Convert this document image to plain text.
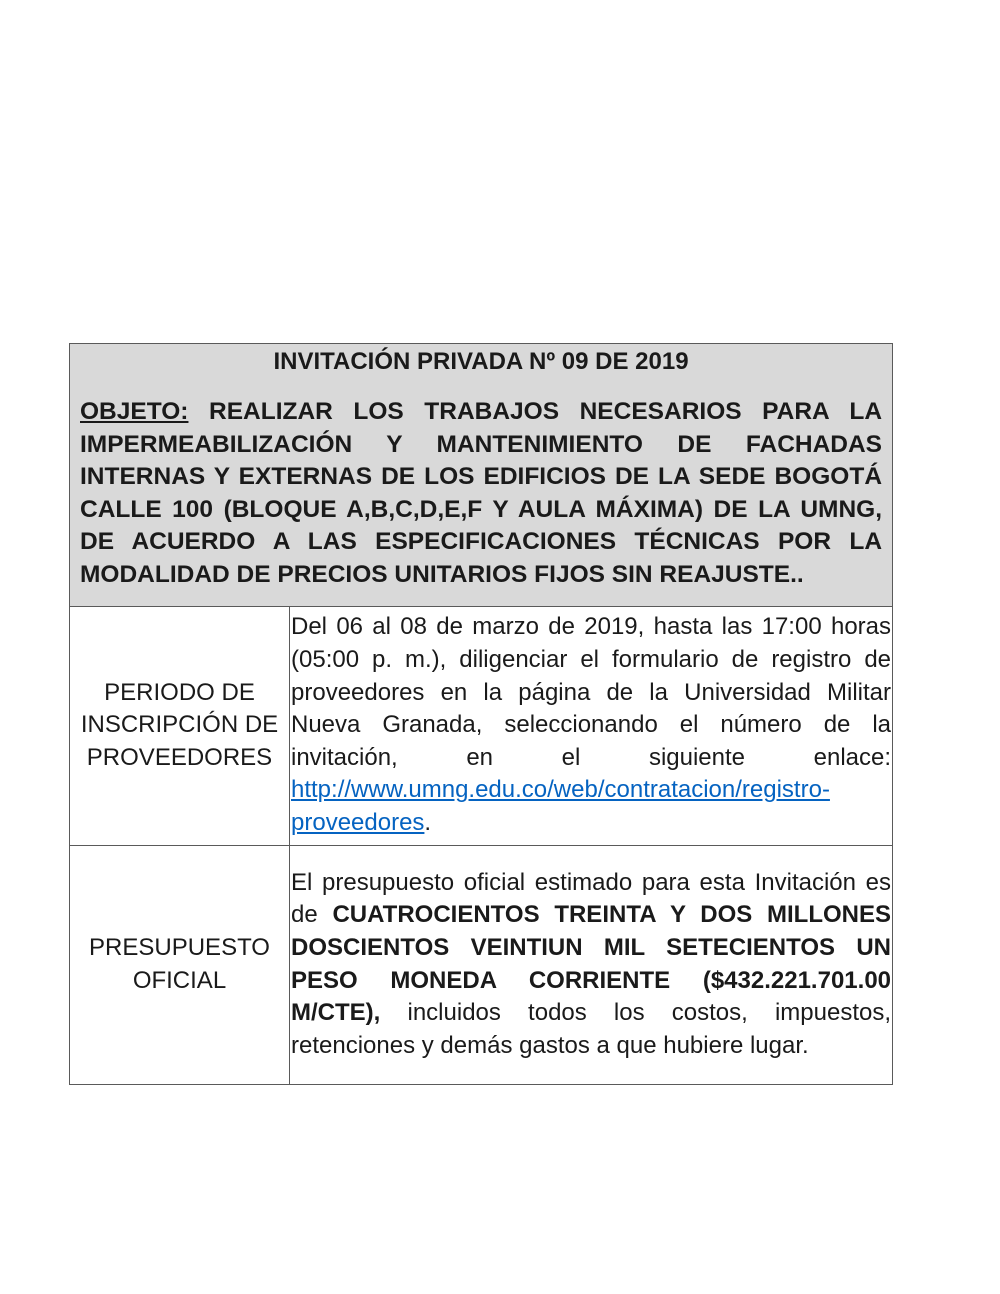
INVITACIÓN PRIVADA Nº 09 DE 2019

OBJETO: REALIZAR LOS TRABAJOS NECESARIOS PARA LA IMPERMEABILIZACIÓN Y MANTENIMIENTO DE FACHADAS INTERNAS Y EXTERNAS DE LOS EDIFICIOS DE LA SEDE BOGOTÁ CALLE 100 (BLOQUE A,B,C,D,E,F Y AULA MÁXIMA) DE LA UMNG, DE ACUERDO A LAS ESPECIFICACIONES TÉCNICAS POR LA MODALIDAD DE PRECIOS UNITARIOS FIJOS SIN REAJUSTE..	

PERIODO DE INSCRIPCIÓN DE PROVEEDORES	Del 06 al 08 de marzo de 2019, hasta las 17:00 horas (05:00 p. m.), diligenciar el formulario de registro de proveedores en la página de la Universidad Militar Nueva Granada, seleccionando el número de la invitación, en el siguiente enlace: http://www.umng.edu.co/web/contratacion/registro-proveedores.

PRESUPUESTO OFICIAL	El presupuesto oficial estimado para esta Invitación es de CUATROCIENTOS TREINTA Y DOS MILLONES DOSCIENTOS VEINTIUN MIL SETECIENTOS UN PESO MONEDA CORRIENTE ($432.221.701.00 M/CTE), incluidos todos los costos, impuestos, retenciones y demás gastos a que hubiere lugar.
